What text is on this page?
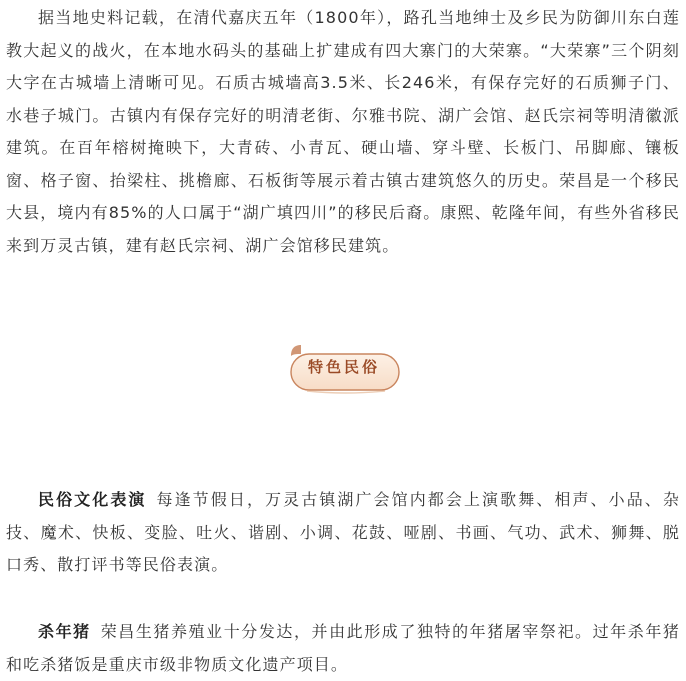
据当地史料记载，在清代嘉庆五年（1800年），路孔当地绅士及乡民为防御川东白莲教大起义的战火，在本地水码头的基础上扩建成有四大寨门的大荣寨。“大荣寨”三个阴刻大字在古城墙上清晰可见。石质古城墙高3.5米、长246米，有保存完好的石质狮子门、水巷子城门。古镇内有保存完好的明清老街、尔雅书院、湖广会馆、赵氏宗祠等明清徽派建筑。在百年榕树掩映下，大青砖、小青瓦、硬山墙、穿斗壁、长板门、吊脚廊、镶板窗、格子窗、抬梁柱、挑檐廊、石板街等展示着古镇古建筑悠久的历史。荣昌是一个移民大县，境内有85%的人口属于“湖广填四川”的移民后裔。康熙、乾隆年间，有些外省移民来到万灵古镇，建有赵氏宗祠、湖广会馆移民建筑。

特色民俗

民俗文化表演 每逢节假日，万灵古镇湖广会馆内都会上演歌舞、相声、小品、杂技、魔术、快板、变脸、吐火、谐剧、小调、花鼓、哑剧、书画、气功、武术、狮舞、脱口秀、散打评书等民俗表演。

杀年猪 荣昌生猪养殖业十分发达，并由此形成了独特的年猪屠宰祭祀。过年杀年猪和吃杀猪饭是重庆市级非物质文化遗产项目。
